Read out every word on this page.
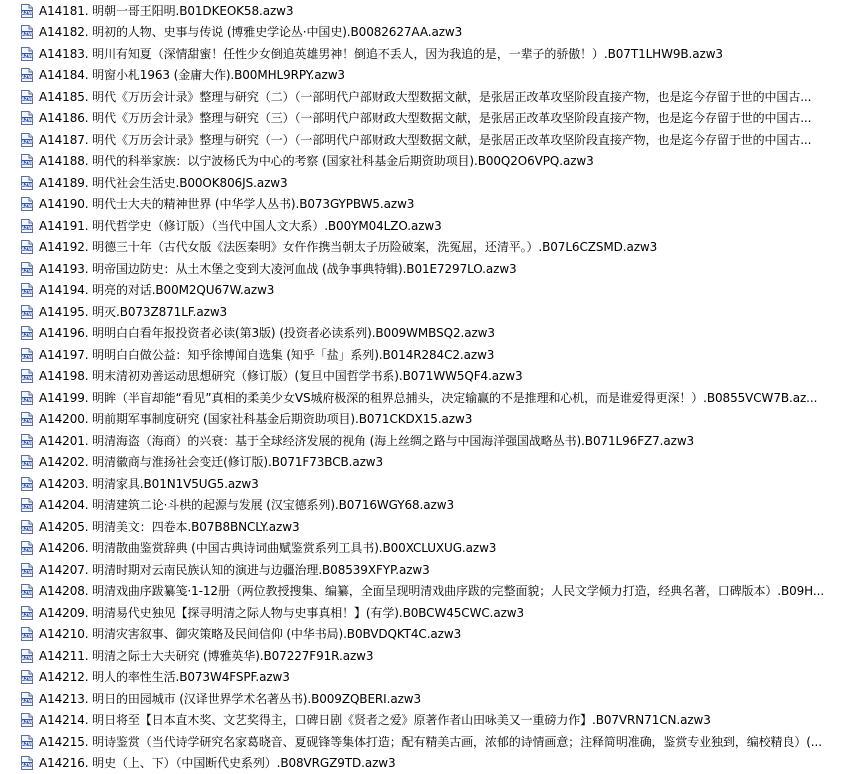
AZW A14181. 明朝一哥王阳明.B01DKEOK58.azw3
AZW A14182. 明初的人物、史事与传说 (博雅史学论丛·中国史).B0082627AA.azw3
AZW A14183. 明川有知夏（深情甜蜜！任性少女倒追英雄男神！倒追不丢人，因为我追的是，一辈子的骄傲！）.B07T1LHW9B.azw3
AZW A14184. 明窗小札1963 (金庸大作).B00MHL9RPY.azw3
AZW A14185. 明代《万历会计录》整理与研究（二）（一部明代户部财政大型数据文献，是张居正改革攻坚阶段直接产物，也是迄今存留于世的中国古...
AZW A14186. 明代《万历会计录》整理与研究（三）（一部明代户部财政大型数据文献，是张居正改革攻坚阶段直接产物，也是迄今存留于世的中国古...
AZW A14187. 明代《万历会计录》整理与研究（一）（一部明代户部财政大型数据文献，是张居正改革攻坚阶段直接产物，也是迄今存留于世的中国古...
AZW A14188. 明代的科举家族：以宁波杨氏为中心的考察 (国家社科基金后期资助项目).B00Q2O6VPQ.azw3
AZW A14189. 明代社会生活史.B00OK806JS.azw3
AZW A14190. 明代士大夫的精神世界 (中华学人丛书).B073GYPBW5.azw3
AZW A14191. 明代哲学史（修订版）（当代中国人文大系）.B00YM04LZO.azw3
AZW A14192. 明德三十年（古代女版《法医秦明》女仵作携当朝太子历险破案，洗冤屈，还清平。）.B07L6CZSMD.azw3
AZW A14193. 明帝国边防史：从土木堡之变到大凌河血战 (战争事典特辑).B01E7297LO.azw3
AZW A14194. 明亮的对话.B00M2QU67W.azw3
AZW A14195. 明灭.B073Z871LF.azw3
AZW A14196. 明明白白看年报投资者必读(第3版) (投资者必读系列).B009WMBSQ2.azw3
AZW A14197. 明明白白做公益：知乎徐博闻自选集 (知乎「盐」系列).B014R284C2.azw3
AZW A14198. 明末清初劝善运动思想研究（修订版）(复旦中国哲学书系).B071WW5QF4.azw3
AZW A14199. 明眸（半盲却能“看见”真相的柔美少女VS城府极深的租界总捕头，决定输赢的不是推理和心机，而是谁爱得更深！）.B0855VCW7B.az...
AZW A14200. 明前期军事制度研究 (国家社科基金后期资助项目).B071CKDX15.azw3
AZW A14201. 明清海盗（海商）的兴衰：基于全球经济发展的视角 (海上丝绸之路与中国海洋强国战略丛书).B071L96FZ7.azw3
AZW A14202. 明清徽商与淮扬社会变迁(修订版).B071F73BCB.azw3
AZW A14203. 明清家具.B01N1V5UG5.azw3
AZW A14204. 明清建筑二论·斗栱的起源与发展 (汉宝德系列).B0716WGY68.azw3
AZW A14205. 明清美文：四卷本.B07B8BNCLY.azw3
AZW A14206. 明清散曲鉴赏辞典 (中国古典诗词曲赋鉴赏系列工具书).B00XCLUXUG.azw3
AZW A14207. 明清时期对云南民族认知的演进与边疆治理.B08539XFYP.azw3
AZW A14208. 明清戏曲序跋纂笺·1-12册（两位教授搜集、编纂，全面呈现明清戏曲序跋的完整面貌；人民文学倾力打造，经典名著，口碑版本）.B09H...
AZW A14209. 明清易代史独见【探寻明清之际人物与史事真相！】(有学).B0BCW45CWC.azw3
AZW A14210. 明清灾害叙事、御灾策略及民间信仰 (中华书局).B0BVDQKT4C.azw3
AZW A14211. 明清之际士大夫研究 (博雅英华).B07227F91R.azw3
AZW A14212. 明人的率性生活.B073W4FSPF.azw3
AZW A14213. 明日的田园城市 (汉译世界学术名著丛书).B009ZQBERI.azw3
AZW A14214. 明日将至【日本直木奖、文艺奖得主，口碑日剧《贤者之爱》原著作者山田咏美又一重磅力作】.B07VRN71CN.azw3
AZW A14215. 明诗鉴赏（当代诗学研究名家葛晓音、夏砚锋等集体打造；配有精美古画，浓郁的诗情画意；注释简明准确，鉴赏专业独到，编校精良）(...
AZW A14216. 明史（上、下）（中国断代史系列）.B08VRGZ9TD.azw3
